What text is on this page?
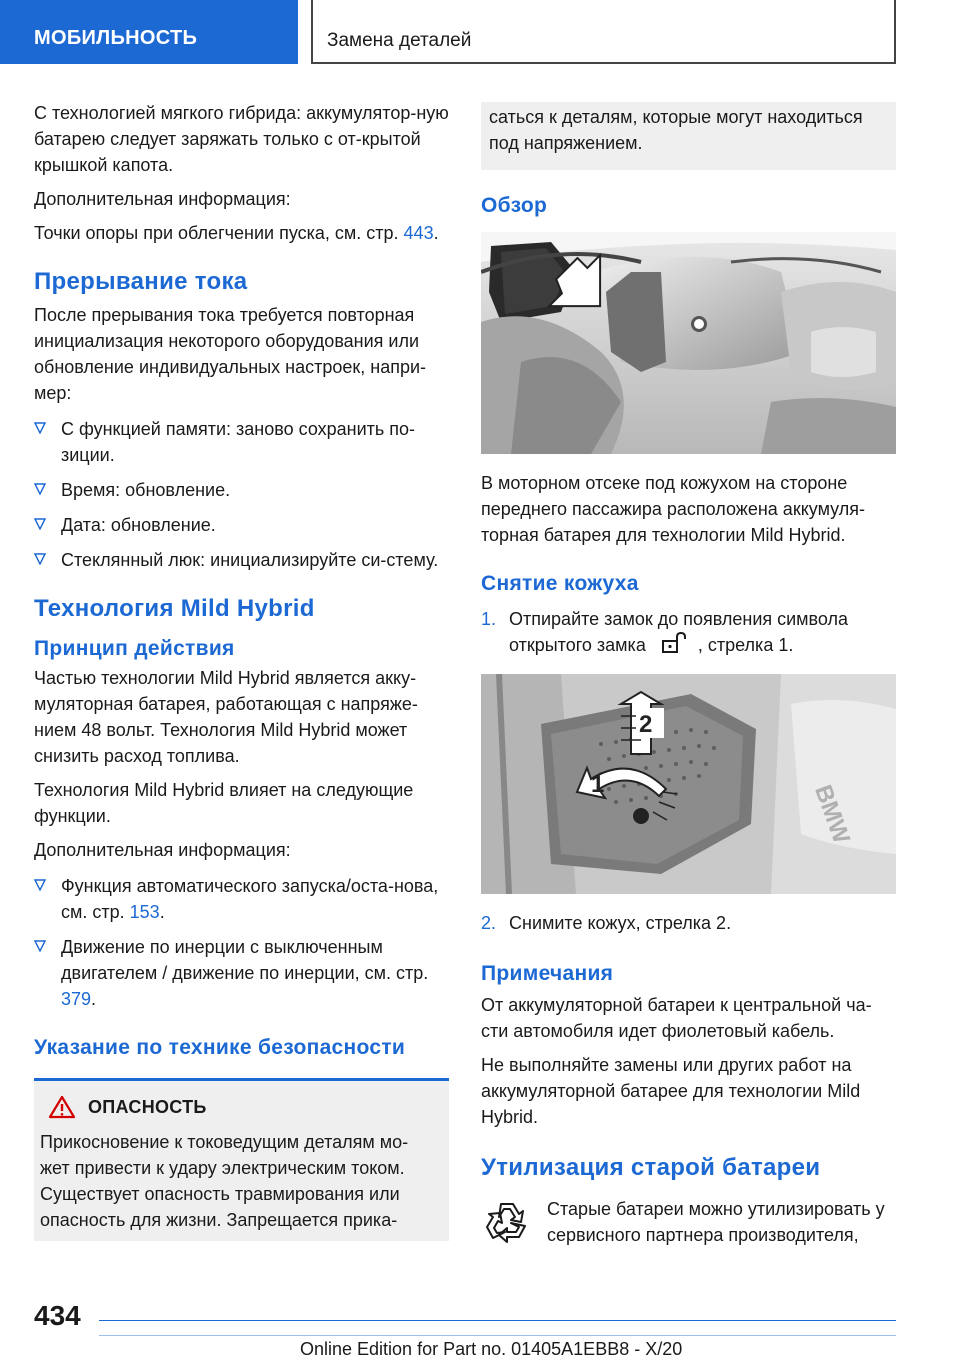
МОБИЛЬНОСТЬ	Замена деталей

С технологией мягкого гибрида: аккумулятор-ную батарею следует заряжать только с от-крытой крышкой капота.

Дополнительная информация:

Точки опоры при облегчении пуска, см. стр. 443.

Прерывание тока

После прерывания тока требуется повторная инициализация некоторого оборудования или обновление индивидуальных настроек, напри-мер:

С функцией памяти: заново сохранить по-зиции.
Время: обновление.
Дата: обновление.
Стеклянный люк: инициализируйте си-стему.
Технология Mild Hybrid
Принцип действия

Частью технологии Mild Hybrid является акку-муляторная батарея, работающая с напряже-нием 48 вольт. Технология Mild Hybrid может снизить расход топлива.

Технология Mild Hybrid влияет на следующие функции.

Дополнительная информация:

Функция автоматического запуска/оста-нова, см. стр. 153.
Движение по инерции с выключенным двигателем / движение по инерции, см. стр. 379.
Указание по технике безопасности
ОПАСНОСТЬ

Прикосновение к токоведущим деталям мо-жет привести к удару электрическим током. Существует опасность травмирования или опасность для жизни. Запрещается прика-

саться к деталям, которые могут находиться под напряжением.

Обзор

В моторном отсеке под кожухом на стороне переднего пассажира расположена аккумуля-торная батарея для технологии Mild Hybrid.

Снятие кожуха
1. Отпирайте замок до появления символа открытого замка	, стрелка 1.
BMW
2
1
2. Снимите кожух, стрелка 2.
Примечания

От аккумуляторной батареи к центральной ча-сти автомобиля идет фиолетовый кабель.

Не выполняйте замены или других работ на аккумуляторной батарее для технологии Mild Hybrid.

Утилизация старой батареи

Старые батареи можно утилизировать у сервисного партнера производителя,

434
Online Edition for Part no. 01405A1EBB8 - X/20
